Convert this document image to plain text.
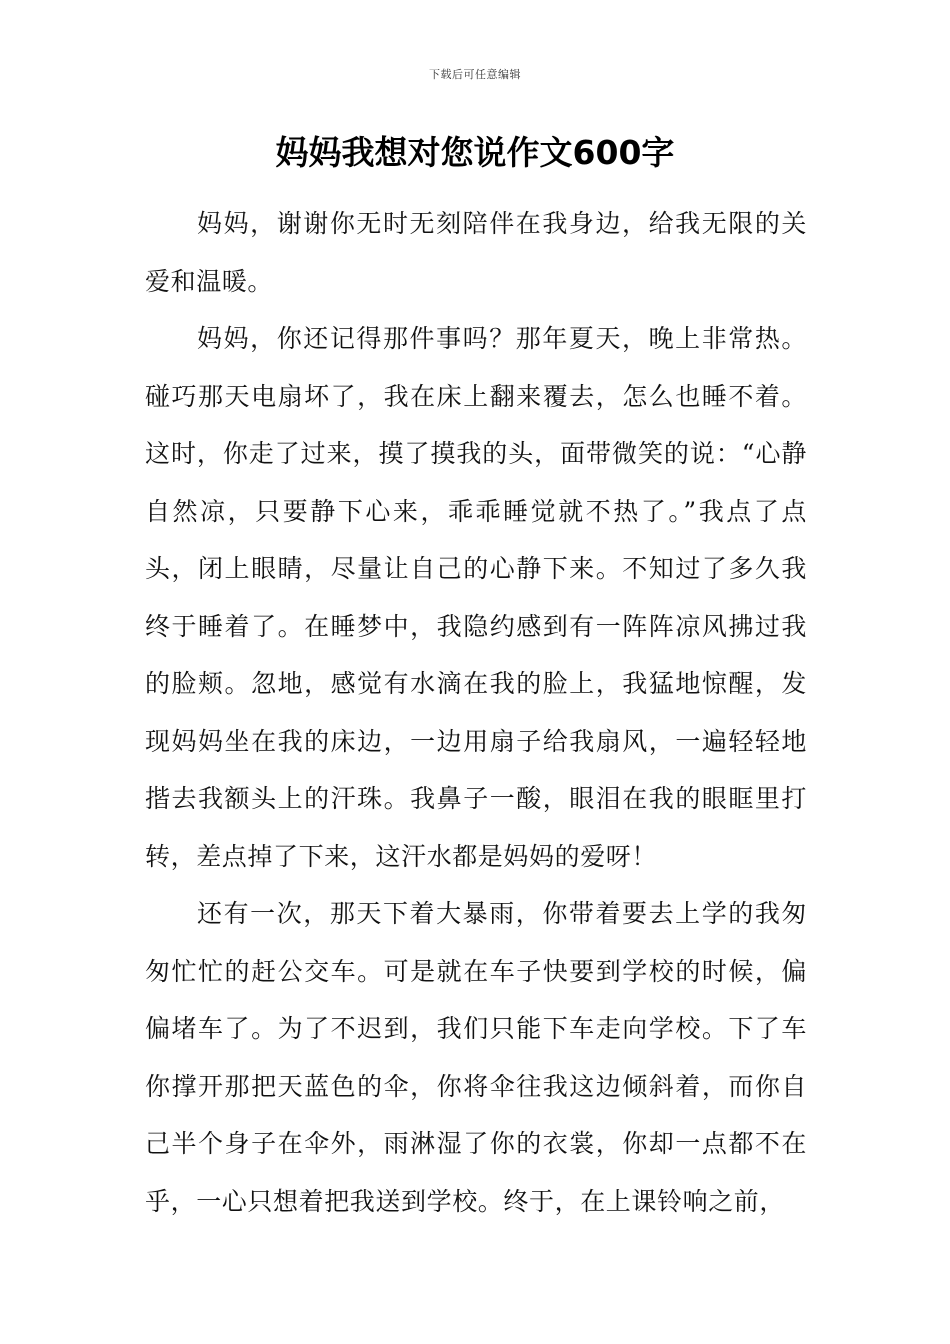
下载后可任意编辑
妈妈我想对您说作文600字

妈妈，谢谢你无时无刻陪伴在我身边，给我无限的关爱和温暖。

妈妈，你还记得那件事吗？那年夏天，晚上非常热。碰巧那天电扇坏了，我在床上翻来覆去，怎么也睡不着。这时，你走了过来，摸了摸我的头，面带微笑的说：“心静自然凉，只要静下心来，乖乖睡觉就不热了。”我点了点头，闭上眼睛，尽量让自己的心静下来。不知过了多久我终于睡着了。在睡梦中，我隐约感到有一阵阵凉风拂过我的脸颊。忽地，感觉有水滴在我的脸上，我猛地惊醒，发现妈妈坐在我的床边，一边用扇子给我扇风，一遍轻轻地揩去我额头上的汗珠。我鼻子一酸，眼泪在我的眼眶里打转，差点掉了下来，这汗水都是妈妈的爱呀！

还有一次，那天下着大暴雨，你带着要去上学的我匆匆忙忙的赶公交车。可是就在车子快要到学校的时候，偏偏堵车了。为了不迟到，我们只能下车走向学校。下了车你撑开那把天蓝色的伞，你将伞往我这边倾斜着，而你自己半个身子在伞外，雨淋湿了你的衣裳，你却一点都不在乎，一心只想着把我送到学校。终于，在上课铃响之前，
